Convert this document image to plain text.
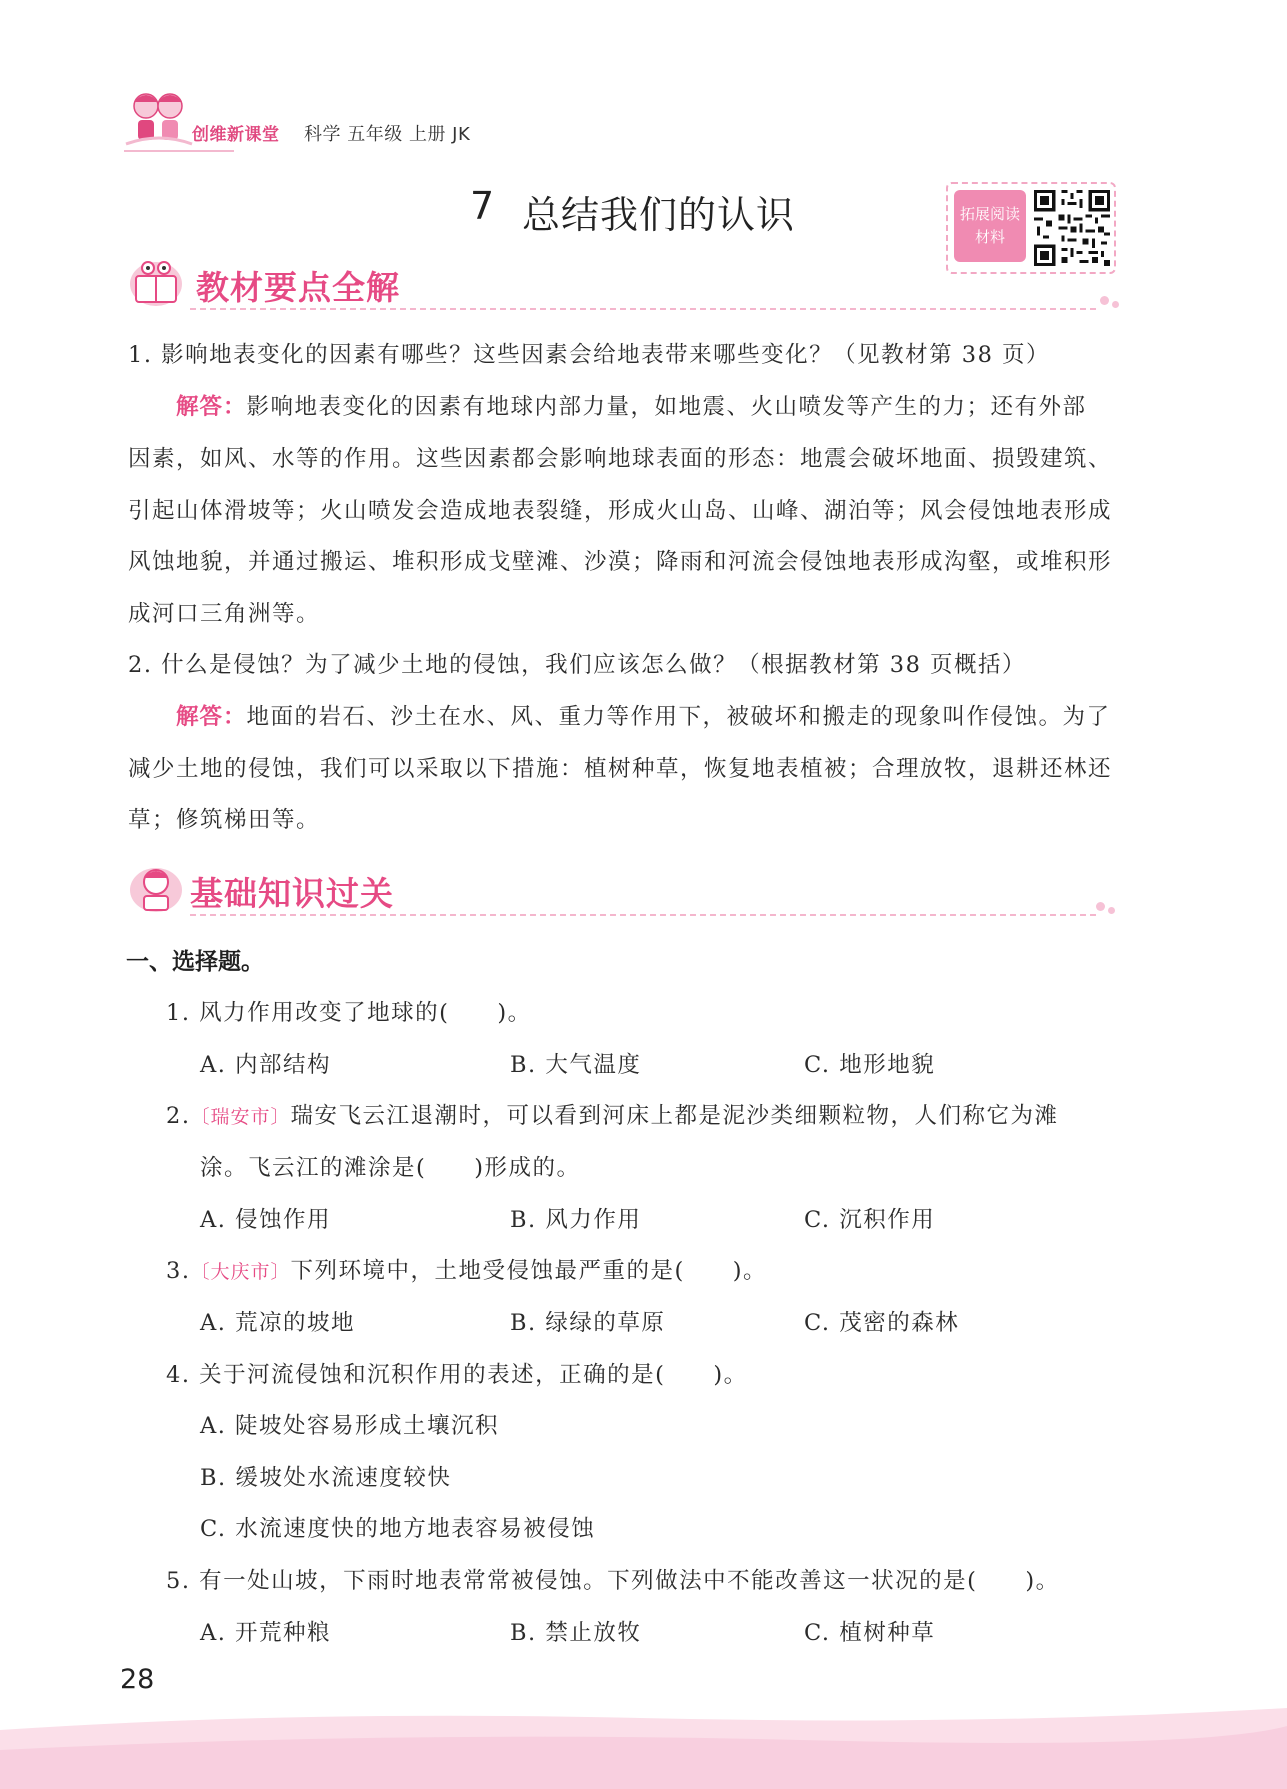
创维新课堂 科学 五年级 上册 JK
7 总结我们的认识	拓展阅读
材料
教材要点全解
1. 影响地表变化的因素有哪些？这些因素会给地表带来哪些变化？（见教材第 38 页）
解答：影响地表变化的因素有地球内部力量，如地震、火山喷发等产生的力；还有外部
因素，如风、水等的作用。这些因素都会影响地球表面的形态：地震会破坏地面、损毁建筑、
引起山体滑坡等；火山喷发会造成地表裂缝，形成火山岛、山峰、湖泊等；风会侵蚀地表形成
风蚀地貌，并通过搬运、堆积形成戈壁滩、沙漠；降雨和河流会侵蚀地表形成沟壑，或堆积形
成河口三角洲等。
2. 什么是侵蚀？为了减少土地的侵蚀，我们应该怎么做？（根据教材第 38 页概括）
解答：地面的岩石、沙土在水、风、重力等作用下，被破坏和搬走的现象叫作侵蚀。为了
减少土地的侵蚀，我们可以采取以下措施：植树种草，恢复地表植被；合理放牧，退耕还林还
草；修筑梯田等。
基础知识过关
一、选择题。
1. 风力作用改变了地球的(　　)。
A. 内部结构	B. 大气温度	C. 地形地貌
2.〔瑞安市〕瑞安飞云江退潮时，可以看到河床上都是泥沙类细颗粒物，人们称它为滩
涂。飞云江的滩涂是(　　)形成的。
A. 侵蚀作用	B. 风力作用	C. 沉积作用
3.〔大庆市〕下列环境中，土地受侵蚀最严重的是(　　)。
A. 荒凉的坡地	B. 绿绿的草原	C. 茂密的森林
4. 关于河流侵蚀和沉积作用的表述，正确的是(　　)。
A. 陡坡处容易形成土壤沉积
B. 缓坡处水流速度较快
C. 水流速度快的地方地表容易被侵蚀
5. 有一处山坡，下雨时地表常常被侵蚀。下列做法中不能改善这一状况的是(　　)。
A. 开荒种粮	B. 禁止放牧	C. 植树种草
28
